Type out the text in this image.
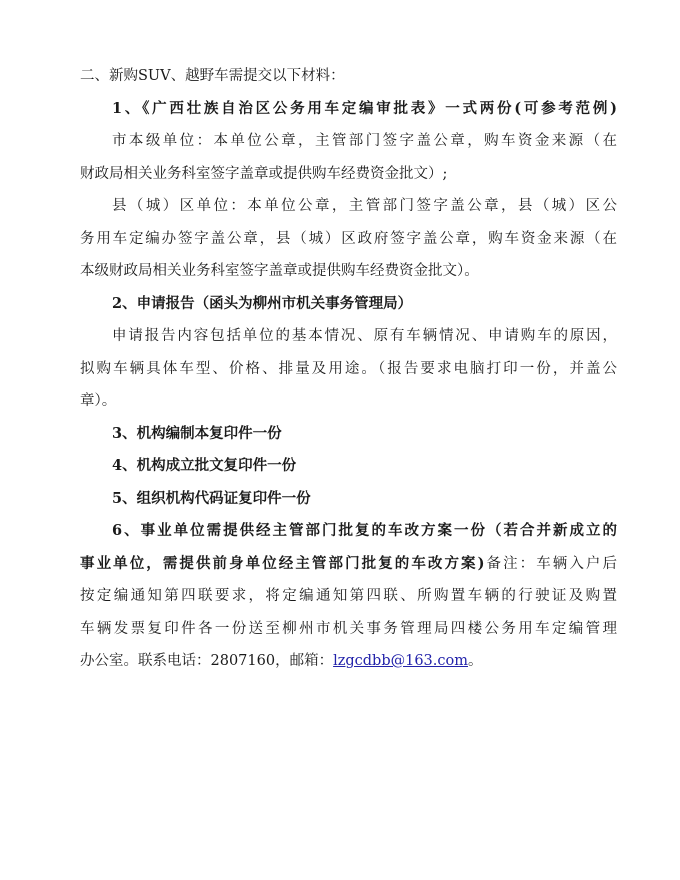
二、新购SUV、越野车需提交以下材料：
1、《广西壮族自治区公务用车定编审批表》一式两份(可参考范例)
市本级单位：本单位公章，主管部门签字盖公章，购车资金来源（在
财政局相关业务科室签字盖章或提供购车经费资金批文）;
县（城）区单位：本单位公章，主管部门签字盖公章，县（城）区公
务用车定编办签字盖公章，县（城）区政府签字盖公章，购车资金来源（在
本级财政局相关业务科室签字盖章或提供购车经费资金批文）。
2、申请报告（函头为柳州市机关事务管理局）
申请报告内容包括单位的基本情况、原有车辆情况、申请购车的原因，
拟购车辆具体车型、价格、排量及用途。（报告要求电脑打印一份，并盖公
章）。
3、机构编制本复印件一份
4、机构成立批文复印件一份
5、组织机构代码证复印件一份
6、事业单位需提供经主管部门批复的车改方案一份（若合并新成立的
事业单位，需提供前身单位经主管部门批复的车改方案)备注：车辆入户后
按定编通知第四联要求，将定编通知第四联、所购置车辆的行驶证及购置
车辆发票复印件各一份送至柳州市机关事务管理局四楼公务用车定编管理
办公室。联系电话：2807160，邮箱：lzgcdbb@163.com。
